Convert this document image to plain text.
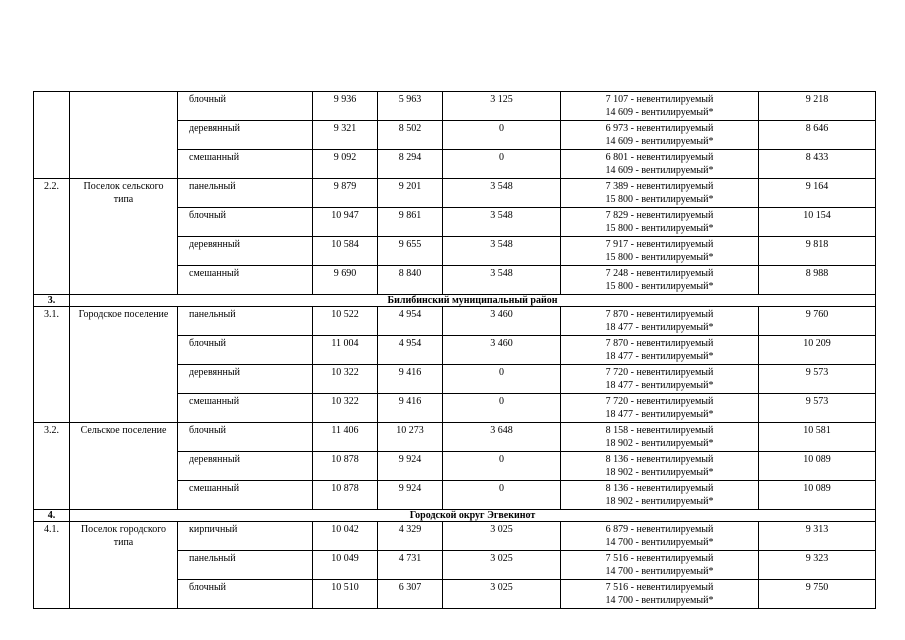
		блочный	9 936	5 963	3 125	7 107 - невентилируемый
14 609 - вентилируемый*	9 218
		деревянный	9 321	8 502	0	6 973 - невентилируемый
14 609 - вентилируемый*	8 646
		смешанный	9 092	8 294	0	6 801 - невентилируемый
14 609 - вентилируемый*	8 433
2.2.	Поселок сельского типа	панельный	9 879	9 201	3 548	7 389 - невентилируемый
15 800 - вентилируемый*	9 164
		блочный	10 947	9 861	3 548	7 829 - невентилируемый
15 800 - вентилируемый*	10 154
		деревянный	10 584	9 655	3 548	7 917 - невентилируемый
15 800 - вентилируемый*	9 818
		смешанный	9 690	8 840	3 548	7 248 - невентилируемый
15 800 - вентилируемый*	8 988
3.	Билибинский муниципальный район						
3.1.	Городское поселение	панельный	10 522	4 954	3 460	7 870 - невентилируемый
18 477 - вентилируемый*	9 760
		блочный	11 004	4 954	3 460	7 870 - невентилируемый
18 477 - вентилируемый*	10 209
		деревянный	10 322	9 416	0	7 720 - невентилируемый
18 477 - вентилируемый*	9 573
		смешанный	10 322	9 416	0	7 720 - невентилируемый
18 477 - вентилируемый*	9 573
3.2.	Сельское поселение	блочный	11 406	10 273	3 648	8 158 - невентилируемый
18 902 - вентилируемый*	10 581
		деревянный	10 878	9 924	0	8 136 - невентилируемый
18 902 - вентилируемый*	10 089
		смешанный	10 878	9 924	0	8 136 - невентилируемый
18 902 - вентилируемый*	10 089
4.	Городской округ Эгвекинот						
4.1.	Поселок городского типа	кирпичный	10 042	4 329	3 025	6 879 - невентилируемый
14 700 - вентилируемый*	9 313
		панельный	10 049	4 731	3 025	7 516 - невентилируемый
14 700 - вентилируемый*	9 323
		блочный	10 510	6 307	3 025	7 516 - невентилируемый
14 700 - вентилируемый*	9 750
